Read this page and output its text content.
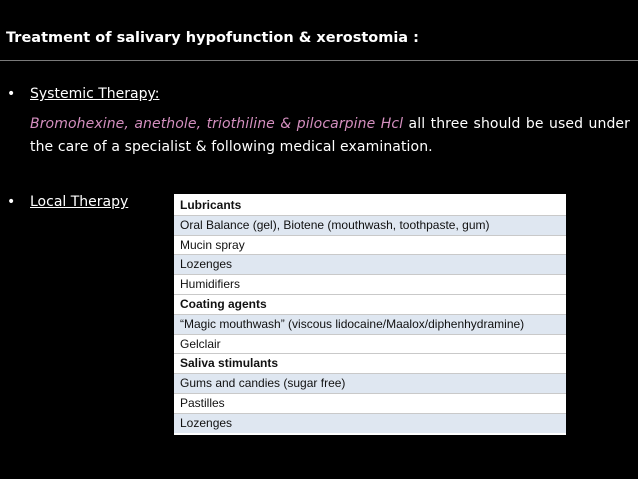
Treatment of salivary hypofunction & xerostomia :
• Systemic Therapy:
Bromohexine, anethole, triothiline & pilocarpine Hcl all three should be used under the care of a specialist & following medical examination.
• Local Therapy	Lubricants
Oral Balance (gel), Biotene (mouthwash, toothpaste, gum)
Mucin spray
Lozenges
Humidifiers
Coating agents
“Magic mouthwash” (viscous lidocaine/Maalox/diphenhydramine)
Gelclair
Saliva stimulants
Gums and candies (sugar free)
Pastilles
Lozenges
